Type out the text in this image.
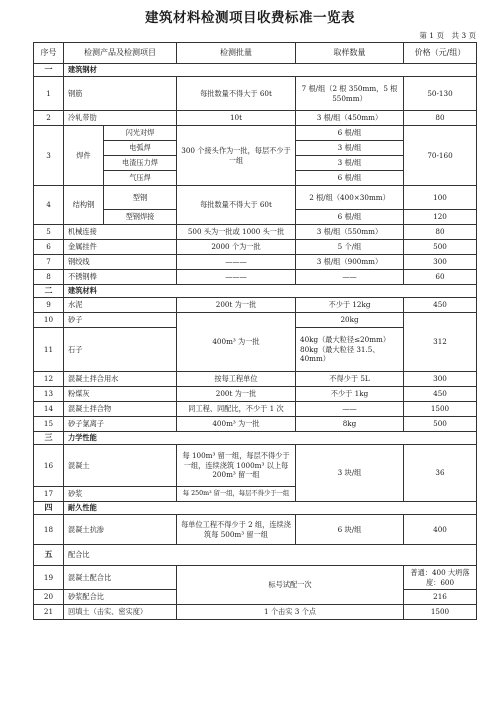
建筑材料检测项目收费标准一览表
第 1 页　共 3 页
序号	检测产品及检测项目		检测批量	取样数量	价格（元/组）
一	建筑钢材				
1	钢筋		每批数量不得大于 60t	7 根/组（2 根 350mm，5 根 550mm）	50-130
2	冷轧带肋		10t	3 根/组（450mm）	80
3	焊件	闪光对焊	300 个接头作为一批，每层不少于一组	6 根/组	70-160
		电弧焊		3 根/组	
		电渣压力焊		3 根/组	
		气压焊		6 根/组	
4	结构钢	型钢	每批数量不得大于 60t	2 根/组（400×30mm）	100
		型钢焊接		6 根/组	120
5	机械连接		500 头为一批或 1000 头一批	3 根/组（550mm）	80
6	金属挂件		2000 个为一批	5 个/组	500
7	钢绞线		———	3 根/组（900mm）	300
8	不锈钢棒		———	——	60
二	建筑材料				
9	水泥		200t 为一批	不少于 12kg	450
10	砂子		400m³ 为一批	20kg	312
11	石子			40kg（最大粒径≤20mm）80kg（最大粒径 31.5、40mm）	
12	混凝土拌合用水		按每工程单位	不得少于 5L	300
13	粉煤灰		200t 为一批	不少于 1kg	450
14	混凝土拌合物		同工程、同配比，不少于 1 次	——	1500
15	砂子氯离子		400m³ 为一批	8kg	500
三	力学性能				
16	混凝土		每 100m³ 留一组，每层不得少于一组，连续浇筑 1000m³ 以上每 200m³ 留一组	3 块/组	36
17	砂浆		每 250m³ 留一组，每层不得少于一组		
四	耐久性能				
18	混凝土抗渗		每单位工程不得少于 2 组，连续浇筑每 500m³ 留一组	6 块/组	400
五	配合比				
19	混凝土配合比		标号试配一次		普通：400 大坍落度：600
20	砂浆配合比				216
21	回填土（击实、密实度）		1 个击实 3 个点		1500
